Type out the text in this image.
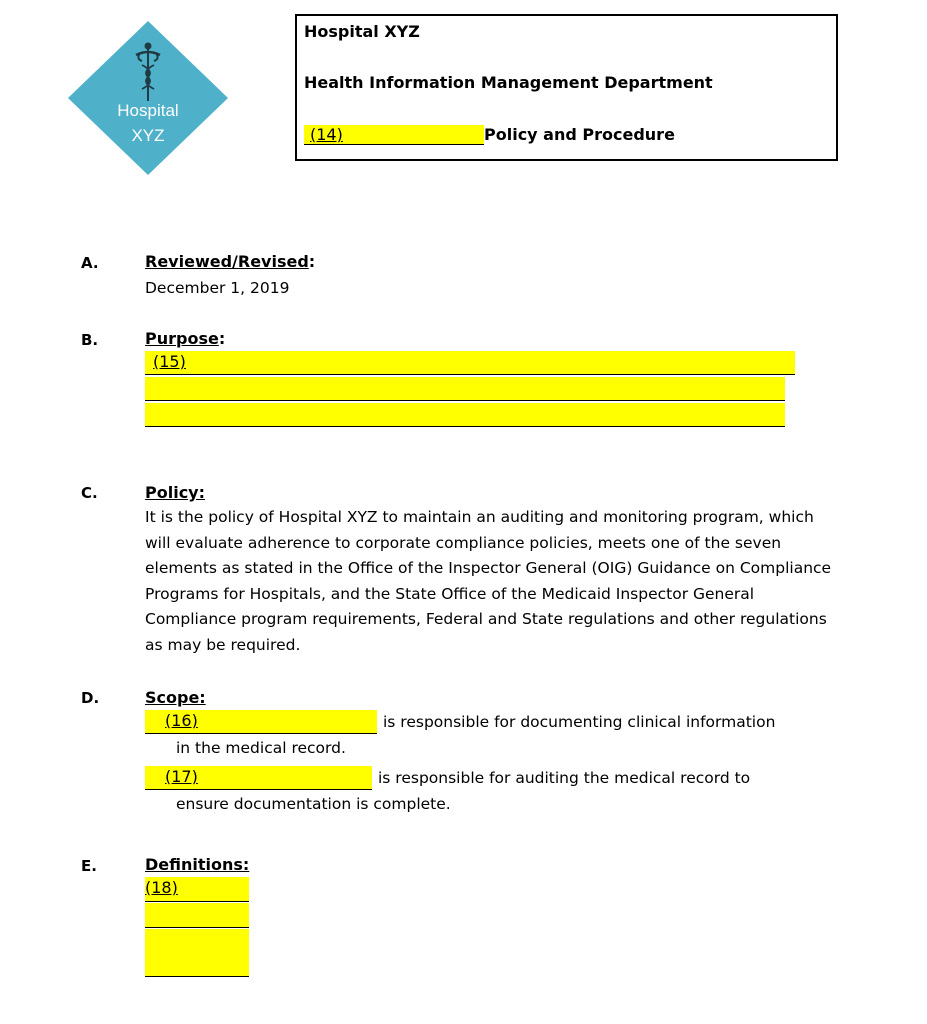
Hospital
XYZ
Hospital XYZ
Health Information Management Department
(14)	Policy and Procedure
A.	Reviewed/Revised:
December 1, 2019
B.	Purpose:
(15)
C.	Policy:
It is the policy of Hospital XYZ to maintain an auditing and monitoring program, which will evaluate adherence to corporate compliance policies, meets one of the seven elements as stated in the Office of the Inspector General (OIG) Guidance on Compliance Programs for Hospitals, and the State Office of the Medicaid Inspector General Compliance program requirements, Federal and State regulations and other regulations as may be required.
D.	Scope:
(16)	is responsible for documenting clinical information
in the medical record.
(17)	is responsible for auditing the medical record to
ensure documentation is complete.
E.	Definitions:
(18)
